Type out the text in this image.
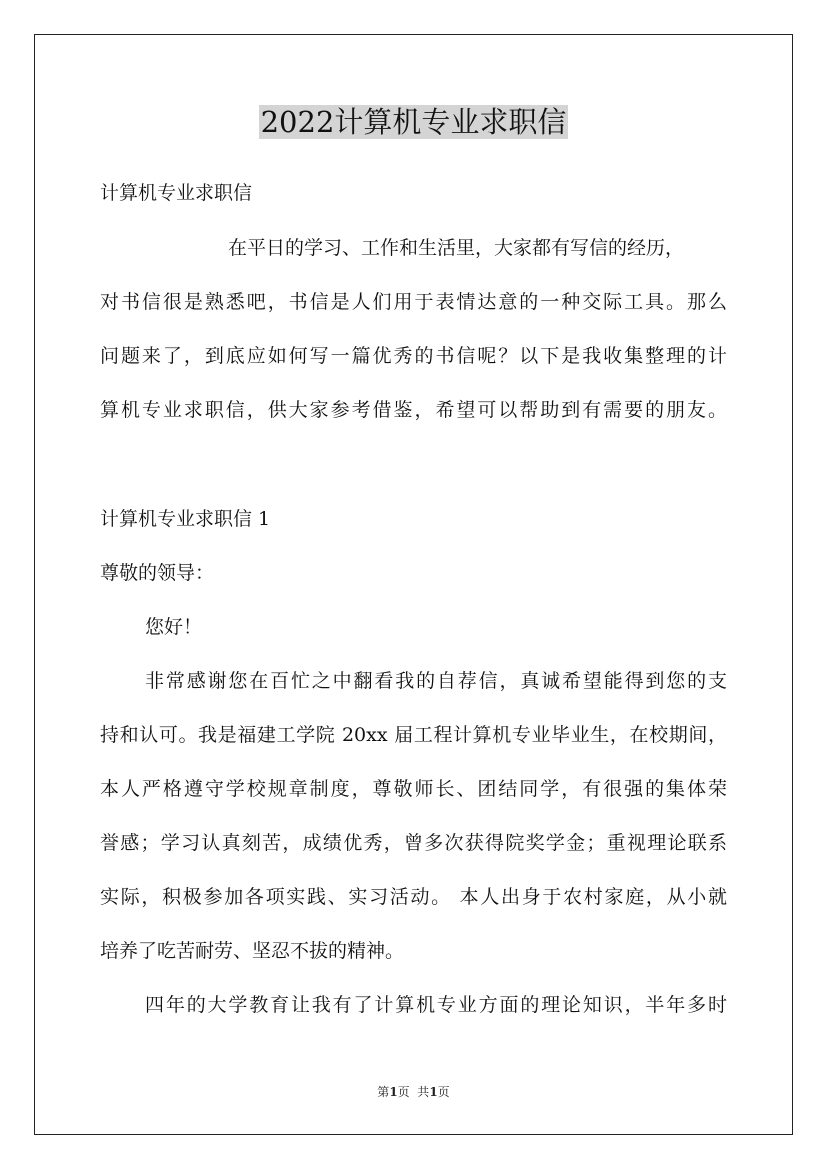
2022计算机专业求职信
计算机专业求职信
在平日的学习、工作和生活里，大家都有写信的经历，
对书信很是熟悉吧，书信是人们用于表情达意的一种交际工具。那么
问题来了，到底应如何写一篇优秀的书信呢？以下是我收集整理的计
算机专业求职信，供大家参考借鉴，希望可以帮助到有需要的朋友。
计算机专业求职信 1
尊敬的领导：
您好！
非常感谢您在百忙之中翻看我的自荐信，真诚希望能得到您的支
持和认可。我是福建工学院 20xx 届工程计算机专业毕业生，在校期间，
本人严格遵守学校规章制度，尊敬师长、团结同学，有很强的集体荣
誉感；学习认真刻苦，成绩优秀，曾多次获得院奖学金；重视理论联系
实际，积极参加各项实践、实习活动。 本人出身于农村家庭，从小就
培养了吃苦耐劳、坚忍不拔的精神。
四年的大学教育让我有了计算机专业方面的理论知识，半年多时
第1页  共1页
